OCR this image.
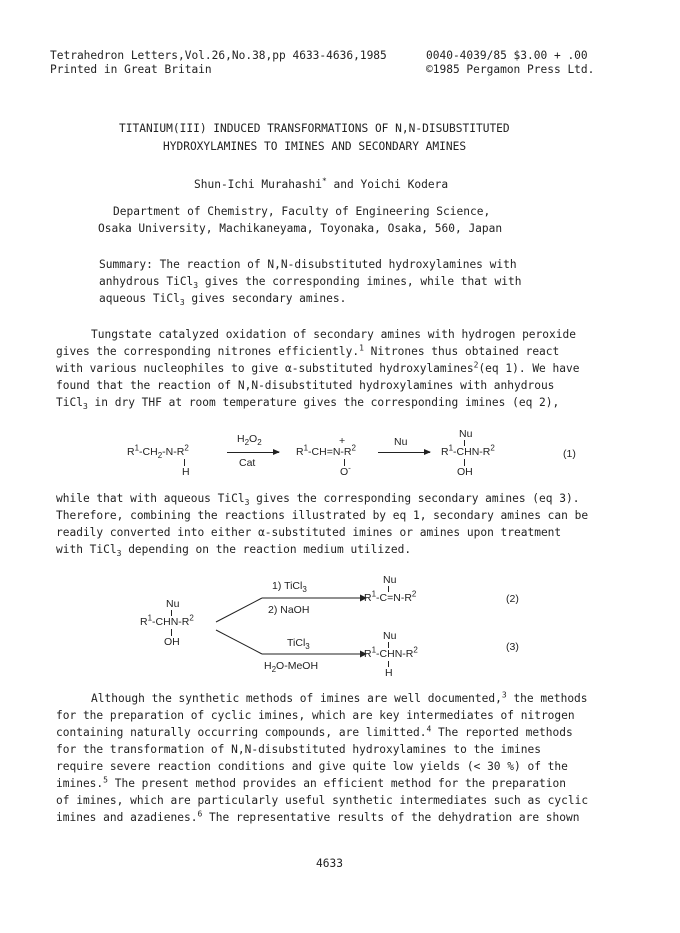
Tetrahedron Letters,Vol.26,No.38,pp 4633-4636,1985
Printed in Great Britain
0040-4039/85 $3.00 + .00
©1985 Pergamon Press Ltd.
TITANIUM(III) INDUCED TRANSFORMATIONS OF N,N-DISUBSTITUTED
HYDROXYLAMINES TO IMINES AND SECONDARY AMINES
Shun-Ichi Murahashi* and Yoichi Kodera
Department of Chemistry, Faculty of Engineering Science,
Osaka University, Machikaneyama, Toyonaka, Osaka, 560, Japan
Summary: The reaction of N,N-disubstituted hydroxylamines with
anhydrous TiCl$_3$ gives the corresponding imines, while that with
aqueous TiCl$_3$ gives secondary amines.
Tungstate catalyzed oxidation of secondary amines with hydrogen peroxide
gives the corresponding nitrones efficiently.$^1$ Nitrones thus obtained react
with various nucleophiles to give α-substituted hydroxylamines$^2$(eq 1). We have
found that the reaction of N,N-disubstituted hydroxylamines with anhydrous
TiCl$_3$ in dry THF at room temperature gives the corresponding imines (eq 2),
$R^1-CH_2-N-R^2$
H
$H_2O_2$
Cat
+
$R^1-CH=N-R^2$
O-
Nu
Nu
$R^1-CHN-R^2$
OH
(1)
while that with aqueous TiCl$_3$ gives the corresponding secondary amines (eq 3).
Therefore, combining the reactions illustrated by eq 1, secondary amines can be
readily converted into either α-substituted imines or amines upon treatment
with TiCl$_3$ depending on the reaction medium utilized.
Nu
$R^1-CHN-R^2$
OH
1) TiCl$_3$
2) NaOH
Nu
$R^1-C=N-R^2$	(2)
TiCl$_3$
$H_2O$-MeOH
Nu
$R^1-CHN-R^2$
H
(3)
Although the synthetic methods of imines are well documented,$^3$ the methods
for the preparation of cyclic imines, which are key intermediates of nitrogen
containing naturally occurring compounds, are limitted.$^4$ The reported methods
for the transformation of N,N-disubstituted hydroxylamines to the imines
require severe reaction conditions and give quite low yields (< 30 %) of the
imines.$^5$ The present method provides an efficient method for the preparation
of imines, which are particularly useful synthetic intermediates such as cyclic
imines and azadienes.$^6$ The representative results of the dehydration are shown
4633
